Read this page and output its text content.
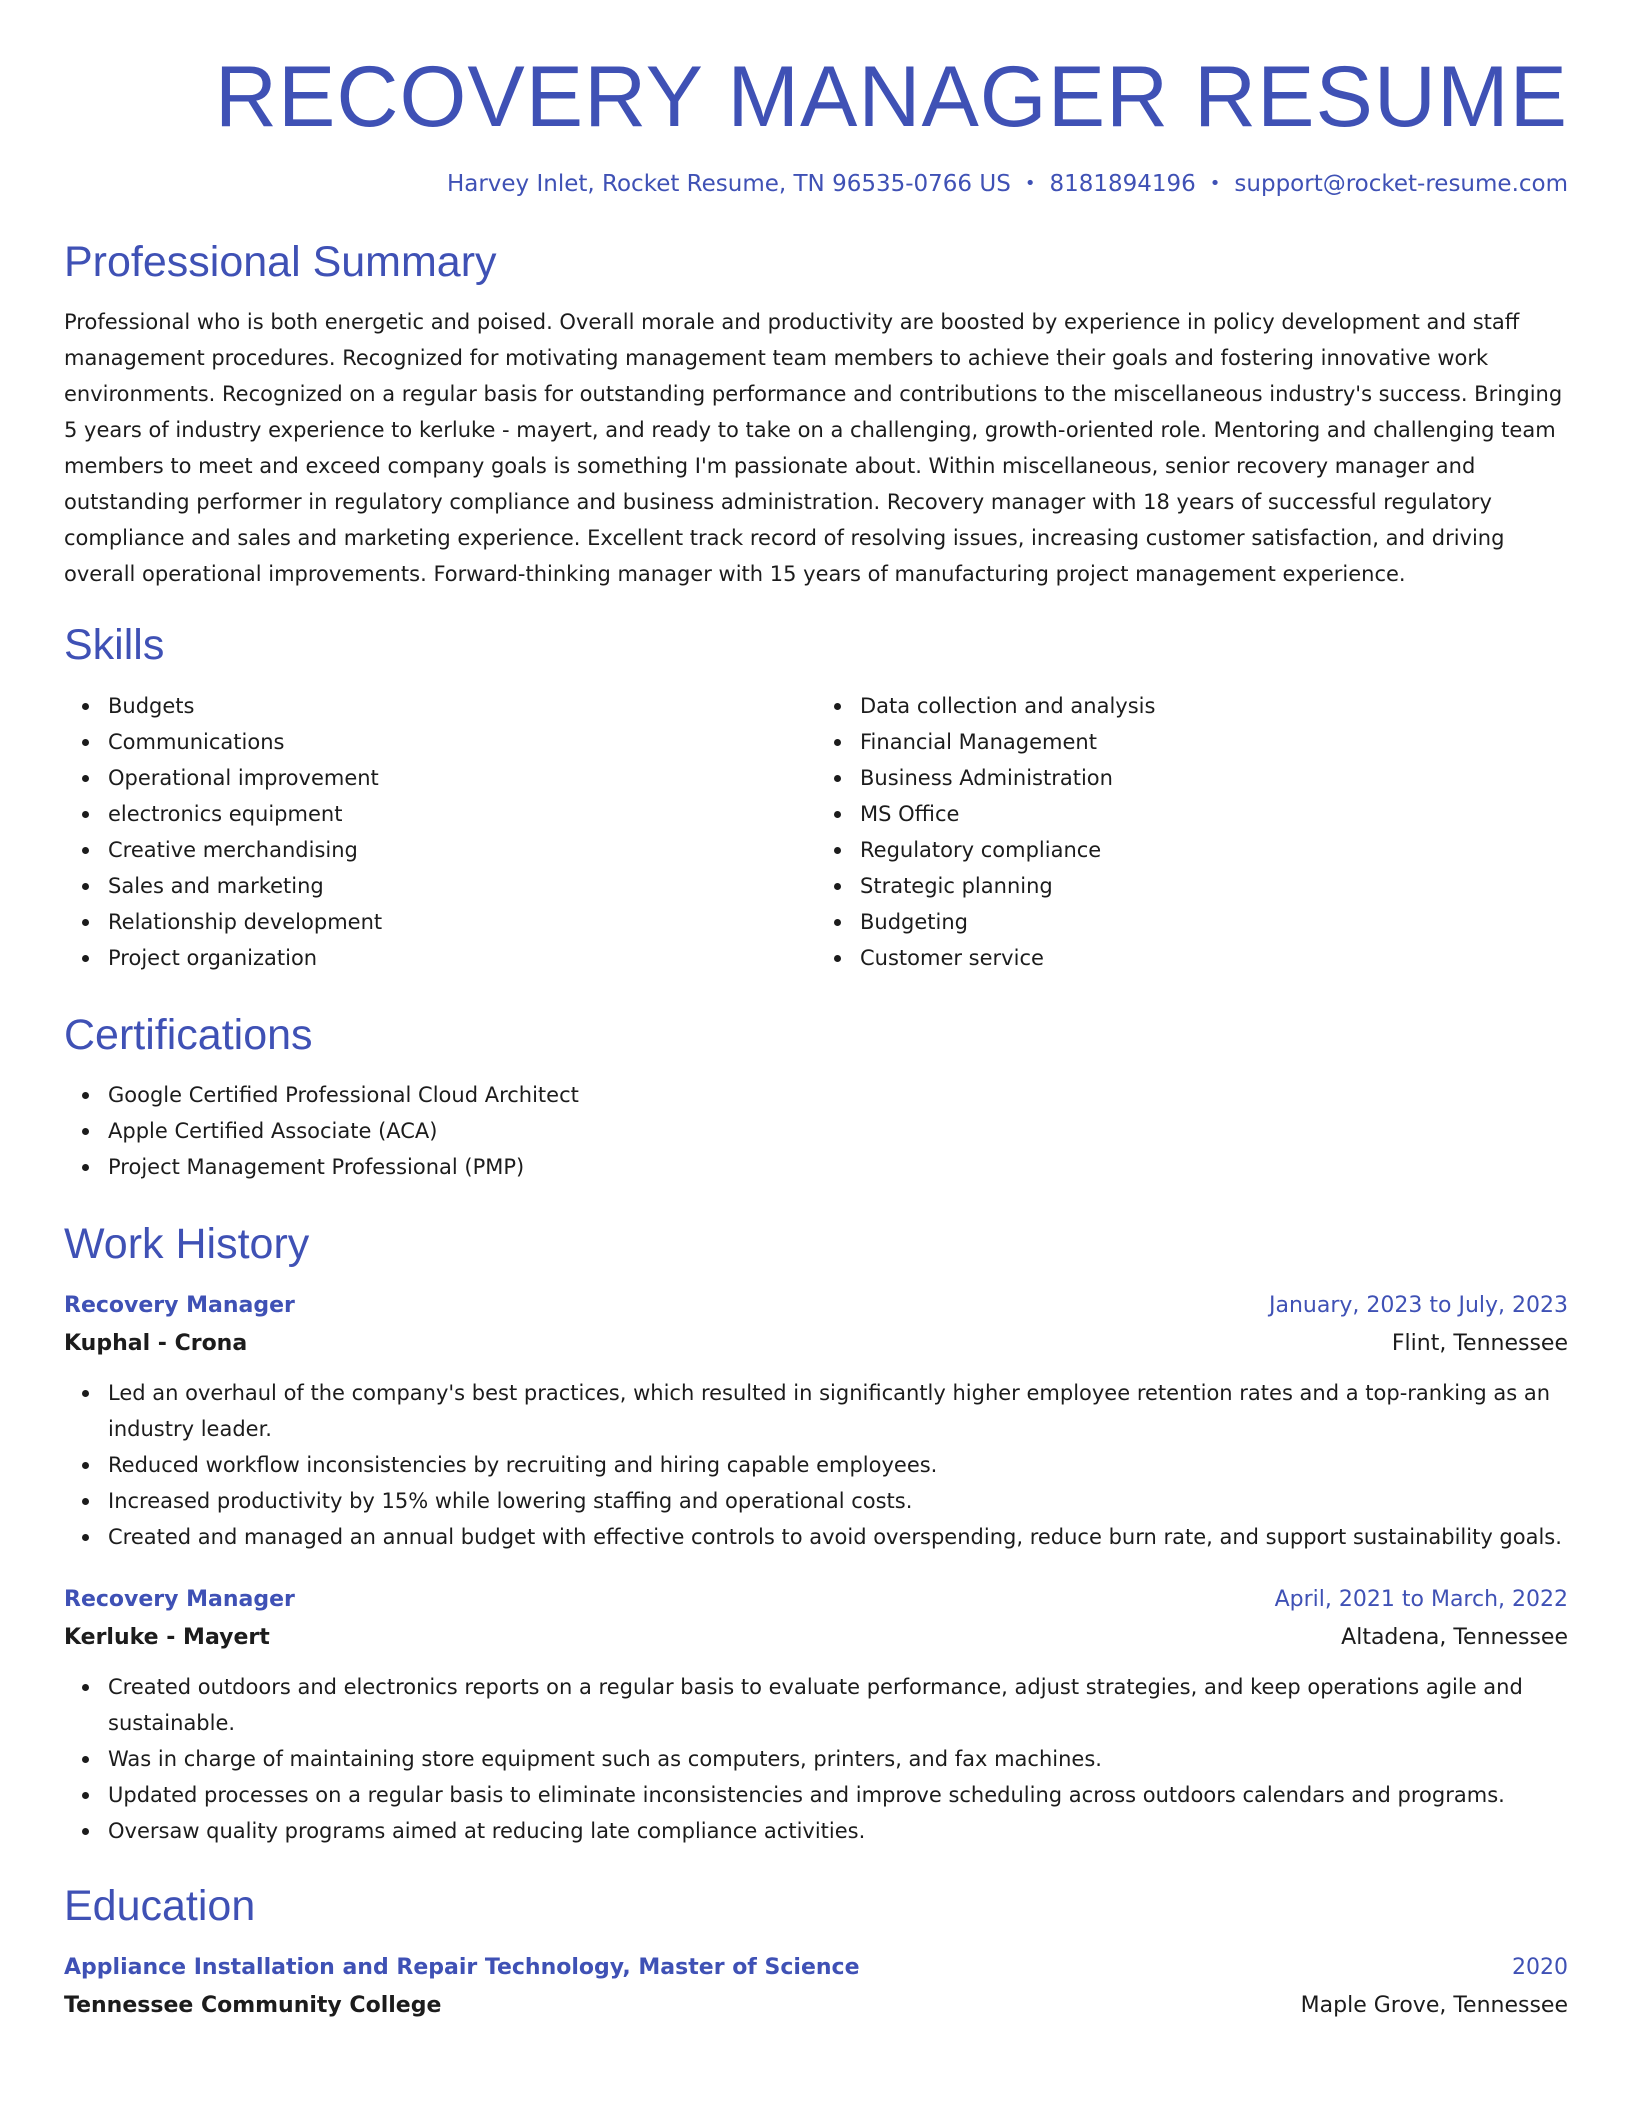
RECOVERY MANAGER RESUME
Harvey Inlet, Rocket Resume, TN 96535-0766 US • 8181894196 • support@rocket-resume.com
Professional Summary

Professional who is both energetic and poised. Overall morale and productivity are boosted by experience in policy development and staff management procedures. Recognized for motivating management team members to achieve their goals and fostering innovative work environments. Recognized on a regular basis for outstanding performance and contributions to the miscellaneous industry's success. Bringing 5 years of industry experience to kerluke - mayert, and ready to take on a challenging, growth-oriented role. Mentoring and challenging team members to meet and exceed company goals is something I'm passionate about. Within miscellaneous, senior recovery manager and outstanding performer in regulatory compliance and business administration. Recovery manager with 18 years of successful regulatory compliance and sales and marketing experience. Excellent track record of resolving issues, increasing customer satisfaction, and driving overall operational improvements. Forward-thinking manager with 15 years of manufacturing project management experience.

Skills
Budgets
Communications
Operational improvement
electronics equipment
Creative merchandising
Sales and marketing
Relationship development
Project organization
Data collection and analysis
Financial Management
Business Administration
MS Office
Regulatory compliance
Strategic planning
Budgeting
Customer service
Certifications
Google Certified Professional Cloud Architect
Apple Certified Associate (ACA)
Project Management Professional (PMP)
Work History
Recovery Manager	January, 2023 to July, 2023
Kuphal - Crona	Flint, Tennessee
Led an overhaul of the company's best practices, which resulted in significantly higher employee retention rates and a top-ranking as an industry leader.
Reduced workflow inconsistencies by recruiting and hiring capable employees.
Increased productivity by 15% while lowering staffing and operational costs.
Created and managed an annual budget with effective controls to avoid overspending, reduce burn rate, and support sustainability goals.
Recovery Manager	April, 2021 to March, 2022
Kerluke - Mayert	Altadena, Tennessee
Created outdoors and electronics reports on a regular basis to evaluate performance, adjust strategies, and keep operations agile and sustainable.
Was in charge of maintaining store equipment such as computers, printers, and fax machines.
Updated processes on a regular basis to eliminate inconsistencies and improve scheduling across outdoors calendars and programs.
Oversaw quality programs aimed at reducing late compliance activities.
Education
Appliance Installation and Repair Technology, Master of Science	2020
Tennessee Community College	Maple Grove, Tennessee
